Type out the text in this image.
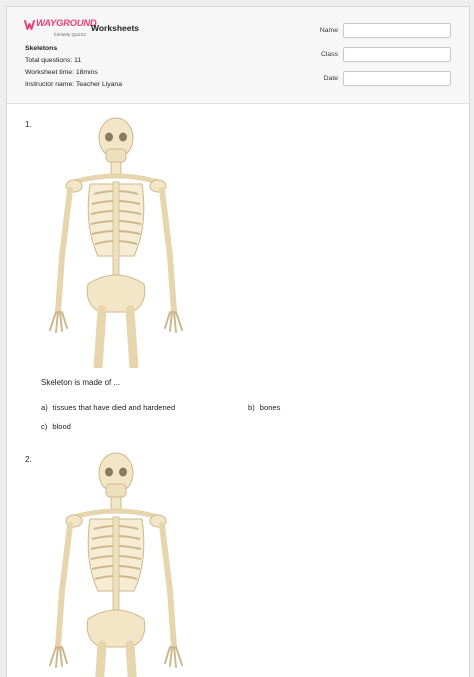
WAYGROUND
formerly Quizizz
Worksheets
Skeletons
Total questions: 11
Worksheet time: 18mins
Instructor name: Teacher Liyana
Name
Class
Date
1.
Skeleton is made of ...
a) tissues that have died and hardened	b) bones
c) blood
2.
